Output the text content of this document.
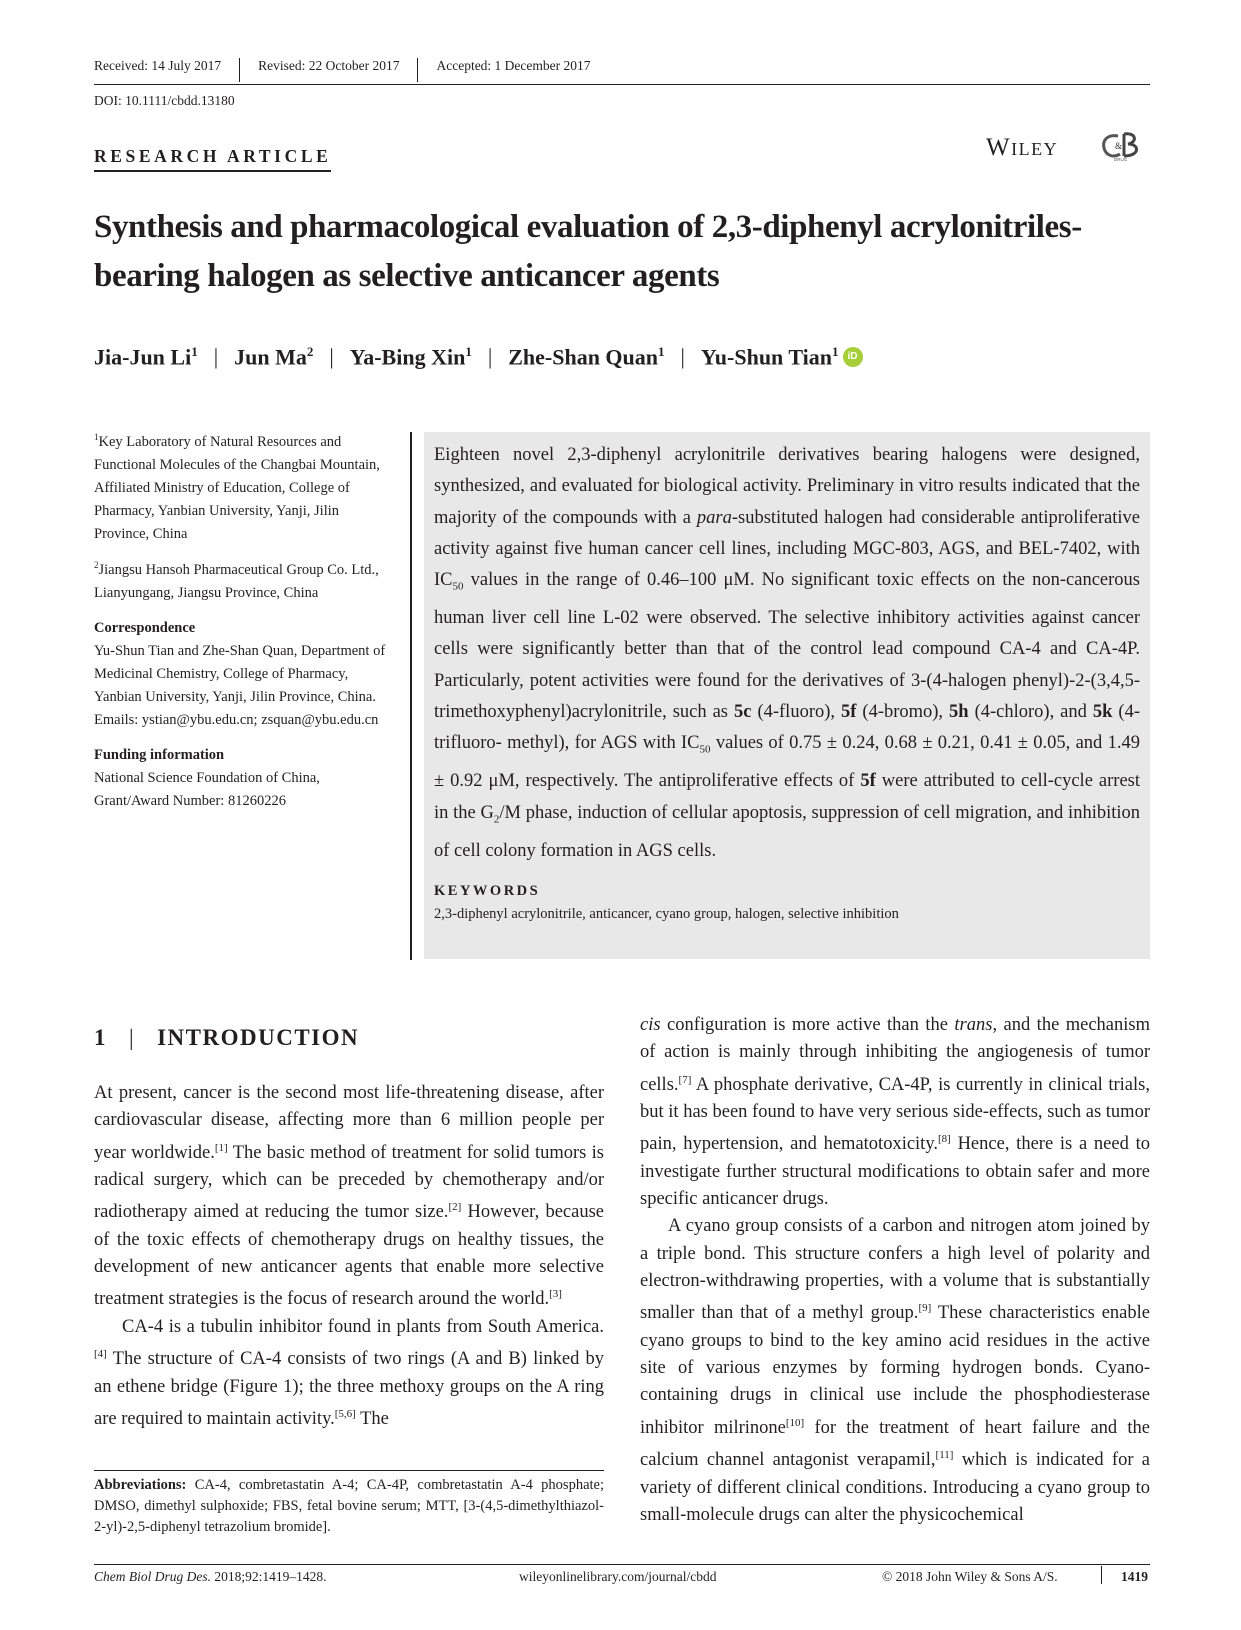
Received: 14 July 2017	Revised: 22 October 2017	Accepted: 1 December 2017
DOI: 10.1111/cbdd.13180
RESEARCH ARTICLE	Wiley	&
DRUG
Synthesis and pharmacological evaluation of 2,3-diphenyl acrylonitriles-bearing halogen as selective anticancer agents
Jia-Jun Li$^1$ | Jun Ma$^2$ | Ya-Bing Xin$^1$ | Zhe-Shan Quan$^1$ | Yu-Shun Tian$^1$ iD

$^1$Key Laboratory of Natural Resources and Functional Molecules of the Changbai Mountain, Affiliated Ministry of Education, College of Pharmacy, Yanbian University, Yanji, Jilin Province, China

$^2$Jiangsu Hansoh Pharmaceutical Group Co. Ltd., Lianyungang, Jiangsu Province, China

Correspondence
Yu-Shun Tian and Zhe-Shan Quan, Department of Medicinal Chemistry, College of Pharmacy, Yanbian University, Yanji, Jilin Province, China.
Emails: ystian@ybu.edu.cn; zsquan@ybu.edu.cn
Funding information
National Science Foundation of China, Grant/Award Number: 81260226
Eighteen novel 2,3-diphenyl acrylonitrile derivatives bearing halogens were designed, synthesized, and evaluated for biological activity. Preliminary in vitro results indicated that the majority of the compounds with a para-substituted halogen had considerable antiproliferative activity against five human cancer cell lines, including MGC-803, AGS, and BEL-7402, with $IC_{50}$ values in the range of 0.46–100 μM. No significant toxic effects on the non-cancerous human liver cell line L-02 were observed. The selective inhibitory activities against cancer cells were significantly better than that of the control lead compound CA-4 and CA-4P. Particularly, potent activities were found for the derivatives of 3-(4-halogen phenyl)-2-(3,4,5-trimethoxyphenyl)acrylonitrile, such as 5c (4-fluoro), 5f (4-bromo), 5h (4-chloro), and 5k (4-trifluoro- methyl), for AGS with $IC_{50}$ values of 0.75 ± 0.24, 0.68 ± 0.21, 0.41 ± 0.05, and 1.49 ± 0.92 μM, respectively. The antiproliferative effects of 5f were attributed to cell-cycle arrest in the $G_2/M$ phase, induction of cellular apoptosis, suppression of cell migration, and inhibition of cell colony formation in AGS cells.
KEYWORDS
2,3-diphenyl acrylonitrile, anticancer, cyano group, halogen, selective inhibition
1 | INTRODUCTION

At present, cancer is the second most life-threatening disease, after cardiovascular disease, affecting more than 6 million people per year worldwide.[1] The basic method of treatment for solid tumors is radical surgery, which can be preceded by chemotherapy and/or radiotherapy aimed at reducing the tumor size.[2] However, because of the toxic effects of chemotherapy drugs on healthy tissues, the development of new anticancer agents that enable more selective treatment strategies is the focus of research around the world.[3]

CA-4 is a tubulin inhibitor found in plants from South America.[4] The structure of CA-4 consists of two rings (A and B) linked by an ethene bridge (Figure 1); the three methoxy groups on the A ring are required to maintain activity.[5,6] The

cis configuration is more active than the trans, and the mechanism of action is mainly through inhibiting the angiogenesis of tumor cells.[7] A phosphate derivative, CA-4P, is currently in clinical trials, but it has been found to have very serious side-effects, such as tumor pain, hypertension, and hematotoxicity.[8] Hence, there is a need to investigate further structural modifications to obtain safer and more specific anticancer drugs.

A cyano group consists of a carbon and nitrogen atom joined by a triple bond. This structure confers a high level of polarity and electron-withdrawing properties, with a volume that is substantially smaller than that of a methyl group.[9] These characteristics enable cyano groups to bind to the key amino acid residues in the active site of various enzymes by forming hydrogen bonds. Cyano-containing drugs in clinical use include the phosphodiesterase inhibitor milrinone[10] for the treatment of heart failure and the calcium channel antagonist verapamil,[11] which is indicated for a variety of different clinical conditions. Introducing a cyano group to small-molecule drugs can alter the physicochemical

Abbreviations: CA-4, combretastatin A-4; CA-4P, combretastatin A-4 phosphate; DMSO, dimethyl sulphoxide; FBS, fetal bovine serum; MTT, [3-(4,5-dimethylthiazol-2-yl)-2,5-diphenyl tetrazolium bromide].
Chem Biol Drug Des. 2018;92:1419–1428.	wileyonlinelibrary.com/journal/cbdd	© 2018 John Wiley & Sons A/S.	1419
